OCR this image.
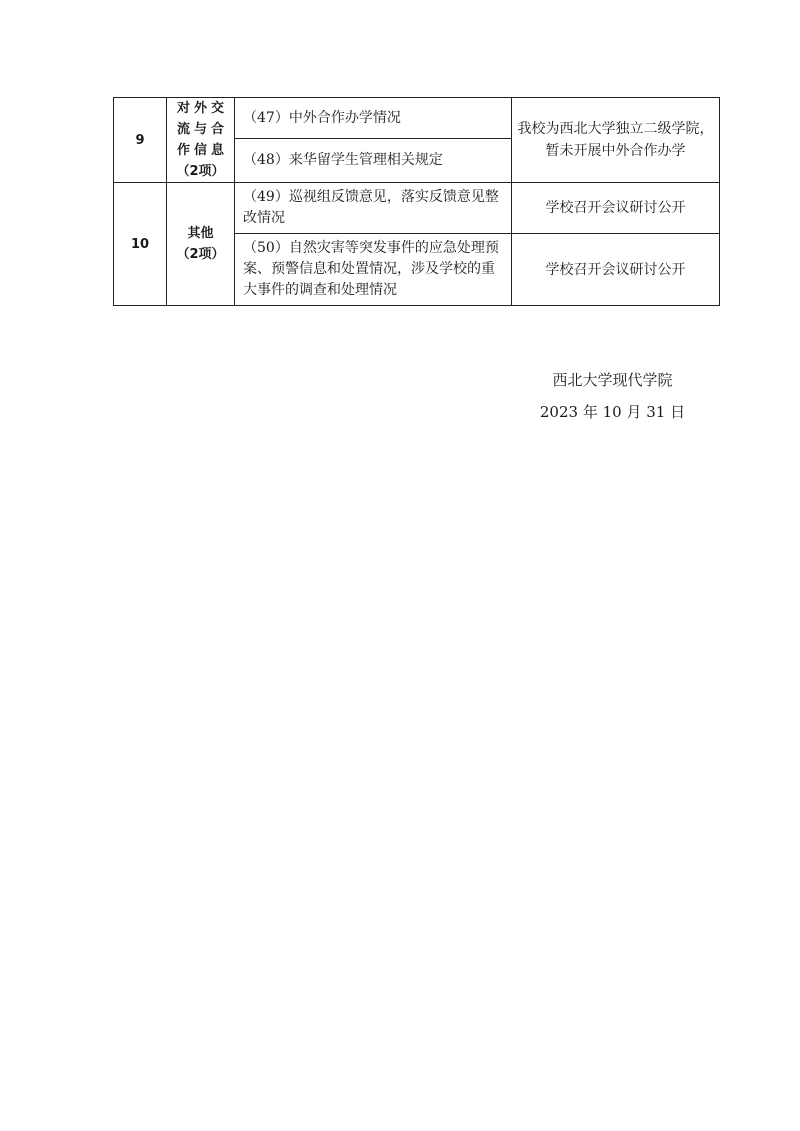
9	对外交
流与合
作信息
（2项）	（47）中外合作办学情况	我校为西北大学独立二级学院，
暂未开展中外合作办学

		（48）来华留学生管理相关规定	
10	其他
（2项）	（49）巡视组反馈意见，落实反馈意见整改情况	学校召开会议研讨公开
		（50）自然灾害等突发事件的应急处理预案、预警信息和处置情况，涉及学校的重大事件的调查和处理情况	学校召开会议研讨公开
西北大学现代学院
2023 年 10 月 31 日
